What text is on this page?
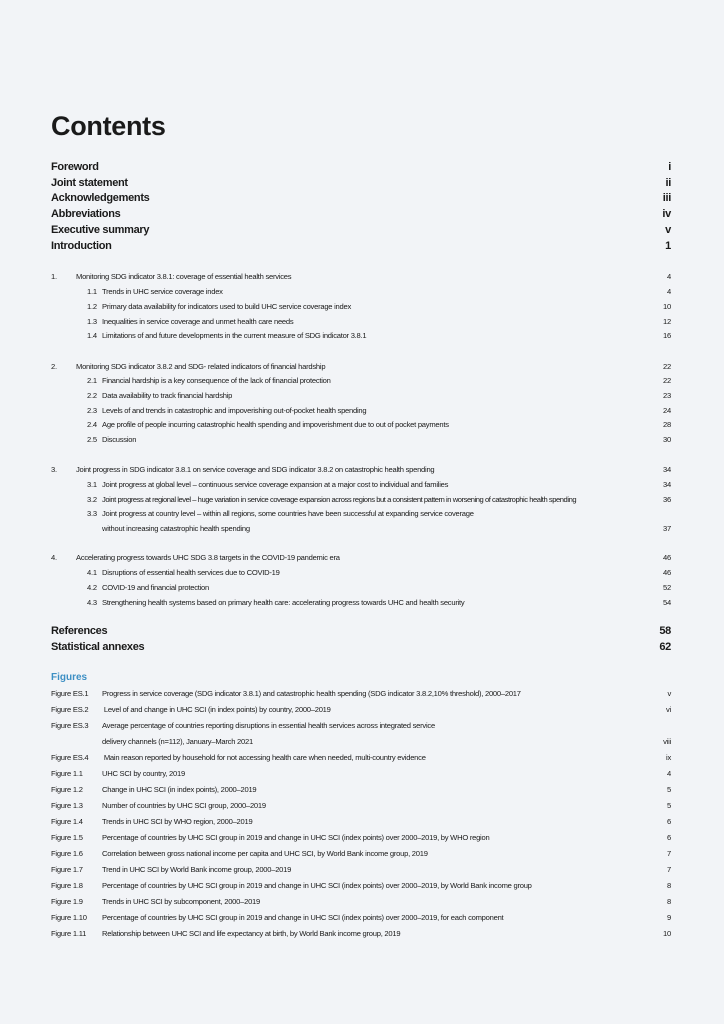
Contents
Foreword	i
Joint statement	ii
Acknowledgements	iii
Abbreviations	iv
Executive summary	v
Introduction	1
1.	Monitoring SDG indicator 3.8.1: coverage of essential health services	4
1.1 Trends in UHC service coverage index	4
1.2 Primary data availability for indicators used to build UHC service coverage index	10
1.3 Inequalities in service coverage and unmet health care needs	12
1.4 Limitations of and future developments in the current measure of SDG indicator 3.8.1	16
2.	Monitoring SDG indicator 3.8.2 and SDG- related indicators of financial hardship	22
2.1 Financial hardship is a key consequence of the lack of financial protection	22
2.2 Data availability to track financial hardship	23
2.3 Levels of and trends in catastrophic and impoverishing out-of-pocket health spending	24
2.4 Age profile of people incurring catastrophic health spending and impoverishment due to out of pocket payments	28
2.5 Discussion	30
3.	Joint progress in SDG indicator 3.8.1 on service coverage and SDG indicator 3.8.2 on catastrophic health spending	34
3.1 Joint progress at global level – continuous service coverage expansion at a major cost to individual and families	34
3.2 Joint progress at regional level – huge variation in service coverage expansion across regions but a consistent pattern in worsening of catastrophic health spending	36
3.3 Joint progress at country level – within all regions, some countries have been successful at expanding service coverage
without increasing catastrophic health spending	37
4.	Accelerating progress towards UHC SDG 3.8 targets in the COVID-19 pandemic era	46
4.1 Disruptions of essential health services due to COVID-19	46
4.2 COVID-19 and financial protection	52
4.3 Strengthening health systems based on primary health care: accelerating progress towards UHC and health security	54
References	58
Statistical annexes	62
Figures
Figure ES.1 Progress in service coverage (SDG indicator 3.8.1) and catastrophic health spending (SDG indicator 3.8.2,10% threshold), 2000–2017	v
Figure ES.2 Level of and change in UHC SCI (in index points) by country, 2000–2019	vi
Figure ES.3 Average percentage of countries reporting disruptions in essential health services across integrated service
delivery channels (n=112), January–March 2021	viii
Figure ES.4 Main reason reported by household for not accessing health care when needed, multi-country evidence	ix
Figure 1.1	UHC SCI by country, 2019	4
Figure 1.2	Change in UHC SCI (in index points), 2000–2019	5
Figure 1.3	Number of countries by UHC SCI group, 2000–2019	5
Figure 1.4	Trends in UHC SCI by WHO region, 2000–2019	6
Figure 1.5	Percentage of countries by UHC SCI group in 2019 and change in UHC SCI (index points) over 2000–2019, by WHO region	6
Figure 1.6	Correlation between gross national income per capita and UHC SCI, by World Bank income group, 2019	7
Figure 1.7	Trend in UHC SCI by World Bank income group, 2000–2019	7
Figure 1.8	Percentage of countries by UHC SCI group in 2019 and change in UHC SCI (index points) over 2000–2019, by World Bank income group	8
Figure 1.9	Trends in UHC SCI by subcomponent, 2000–2019	8
Figure 1.10 Percentage of countries by UHC SCI group in 2019 and change in UHC SCI (index points) over 2000–2019, for each component	9
Figure 1.11 Relationship between UHC SCI and life expectancy at birth, by World Bank income group, 2019	10
